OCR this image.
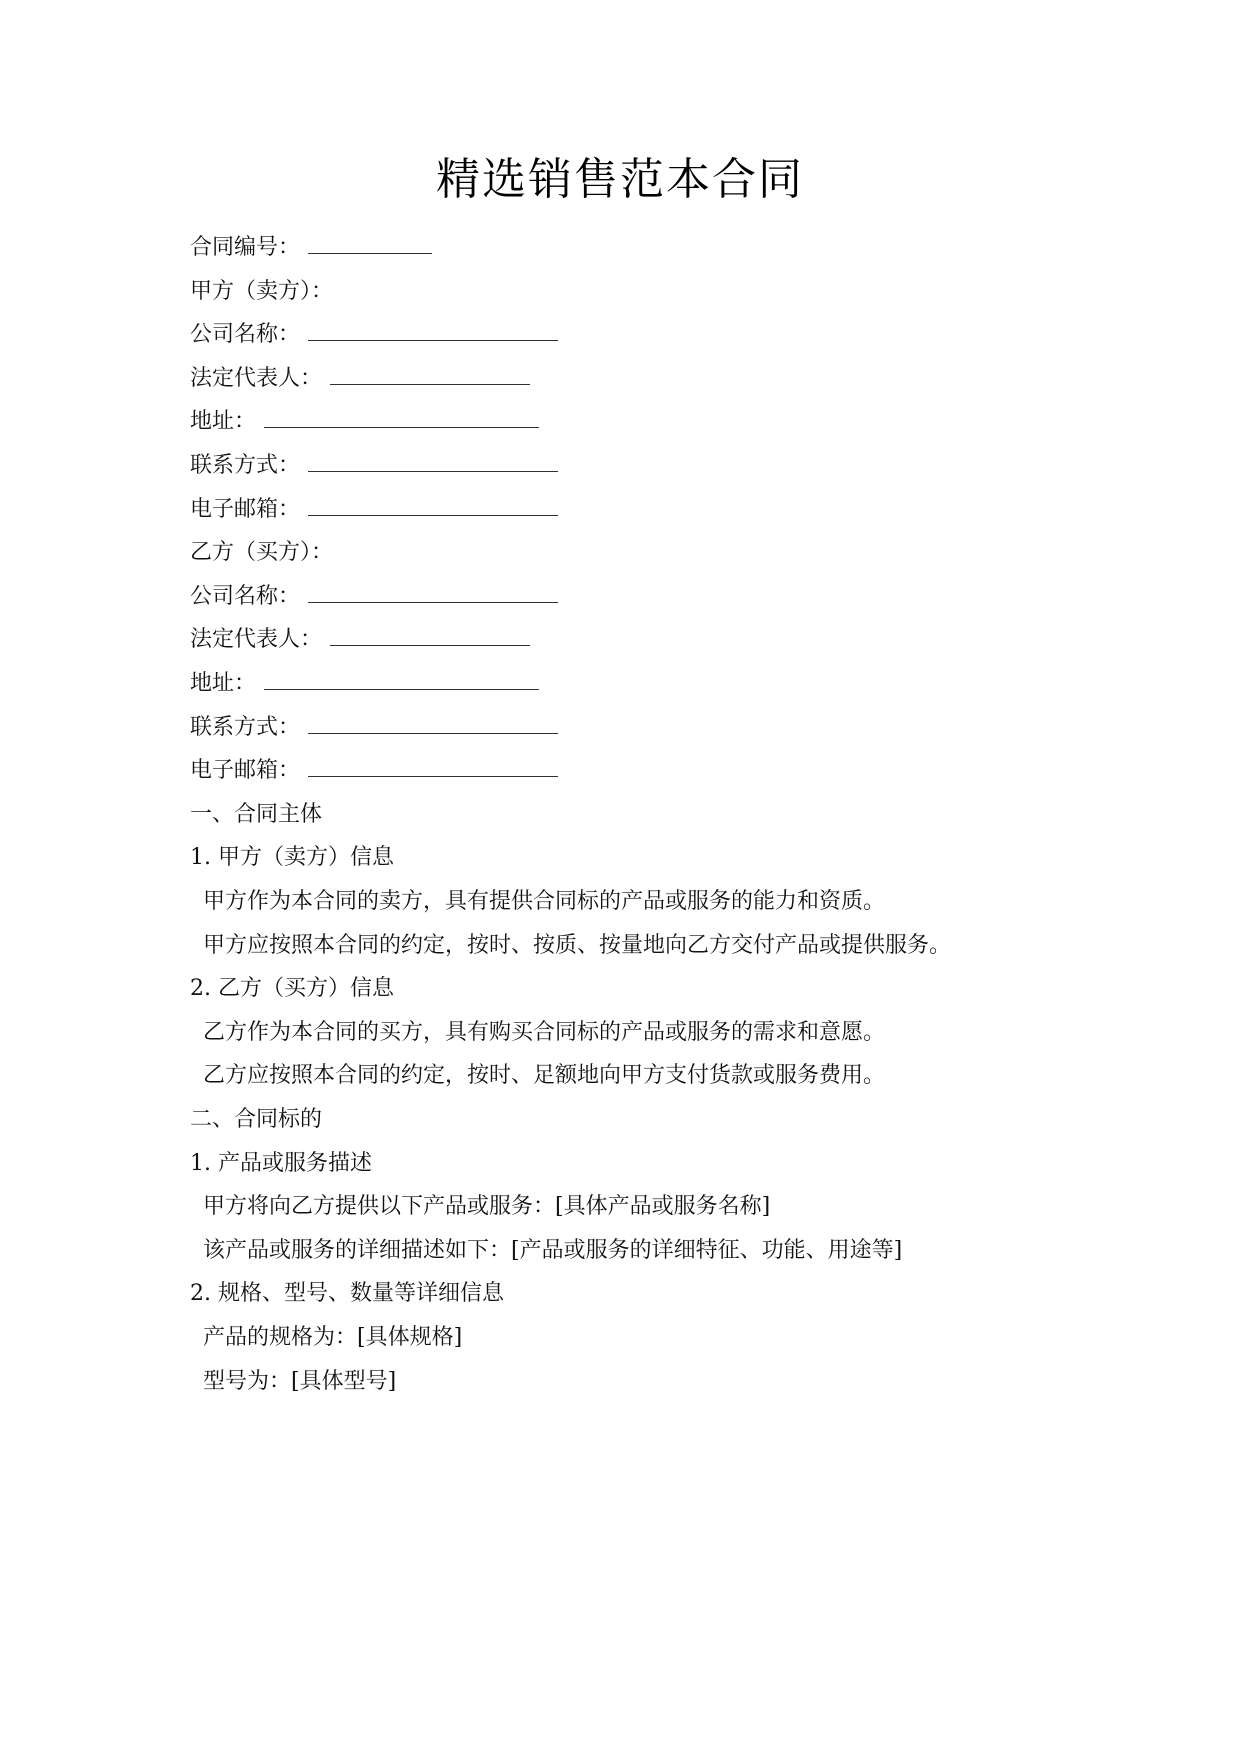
精选销售范本合同
合同编号：
甲方（卖方）：
公司名称：
法定代表人：
地址：
联系方式：
电子邮箱：
乙方（买方）：
公司名称：
法定代表人：
地址：
联系方式：
电子邮箱：
一、合同主体
1. 甲方（卖方）信息
甲方作为本合同的卖方，具有提供合同标的产品或服务的能力和资质。
甲方应按照本合同的约定，按时、按质、按量地向乙方交付产品或提供服务。
2. 乙方（买方）信息
乙方作为本合同的买方，具有购买合同标的产品或服务的需求和意愿。
乙方应按照本合同的约定，按时、足额地向甲方支付货款或服务费用。
二、合同标的
1. 产品或服务描述
甲方将向乙方提供以下产品或服务：[具体产品或服务名称]
该产品或服务的详细描述如下：[产品或服务的详细特征、功能、用途等]
2. 规格、型号、数量等详细信息
产品的规格为：[具体规格]
型号为：[具体型号]
